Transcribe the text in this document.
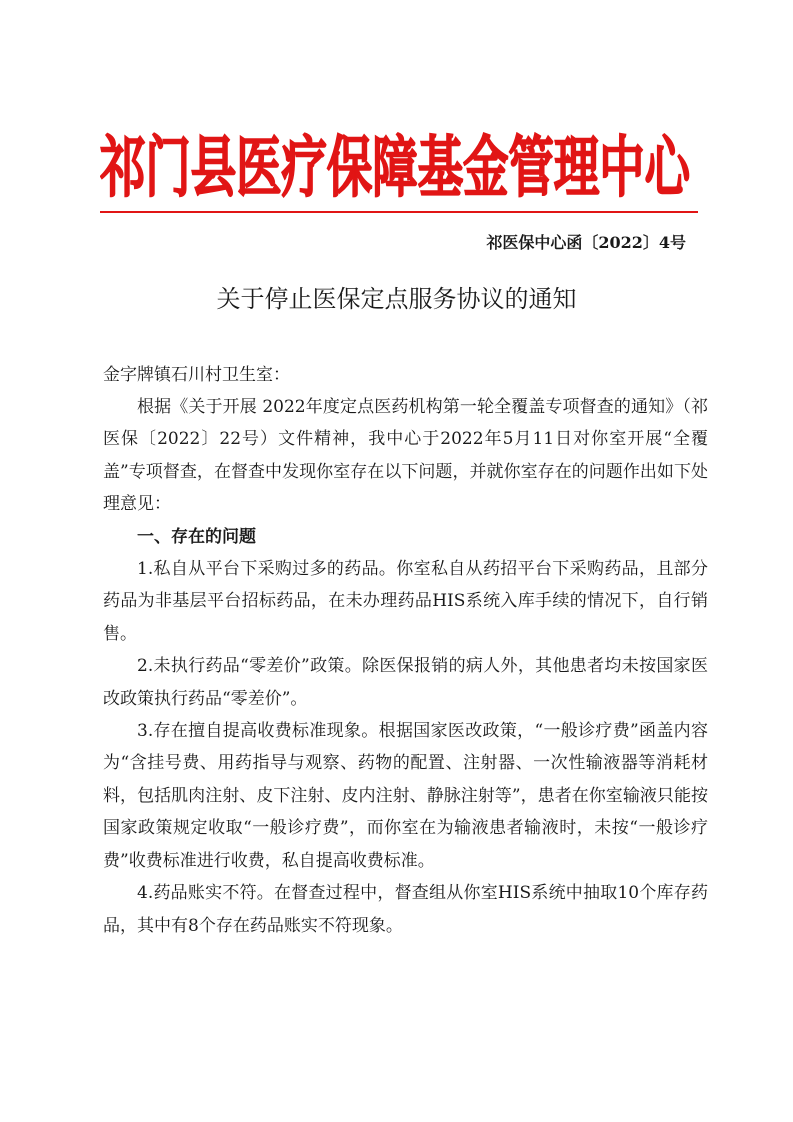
祁门县医疗保障基金管理中心
祁医保中心函〔2022〕4号
关于停止医保定点服务协议的通知
金字牌镇石川村卫生室：

根据《关于开展 2022年度定点医药机构第一轮全覆盖专项督查的通知》（祁医保〔2022〕22号）文件精神，我中心于2022年5月11日对你室开展“全覆盖”专项督查，在督查中发现你室存在以下问题，并就你室存在的问题作出如下处理意见：

一、存在的问题

1.私自从平台下采购过多的药品。你室私自从药招平台下采购药品，且部分药品为非基层平台招标药品，在未办理药品HIS系统入库手续的情况下，自行销售。

2.未执行药品“零差价”政策。除医保报销的病人外，其他患者均未按国家医改政策执行药品“零差价”。

3.存在擅自提高收费标准现象。根据国家医改政策，“一般诊疗费”函盖内容为“含挂号费、用药指导与观察、药物的配置、注射器、一次性输液器等消耗材料，包括肌肉注射、皮下注射、皮内注射、静脉注射等”，患者在你室输液只能按国家政策规定收取“一般诊疗费”，而你室在为输液患者输液时，未按“一般诊疗费”收费标准进行收费，私自提高收费标准。

4.药品账实不符。在督查过程中，督查组从你室HIS系统中抽取10个库存药品，其中有8个存在药品账实不符现象。
